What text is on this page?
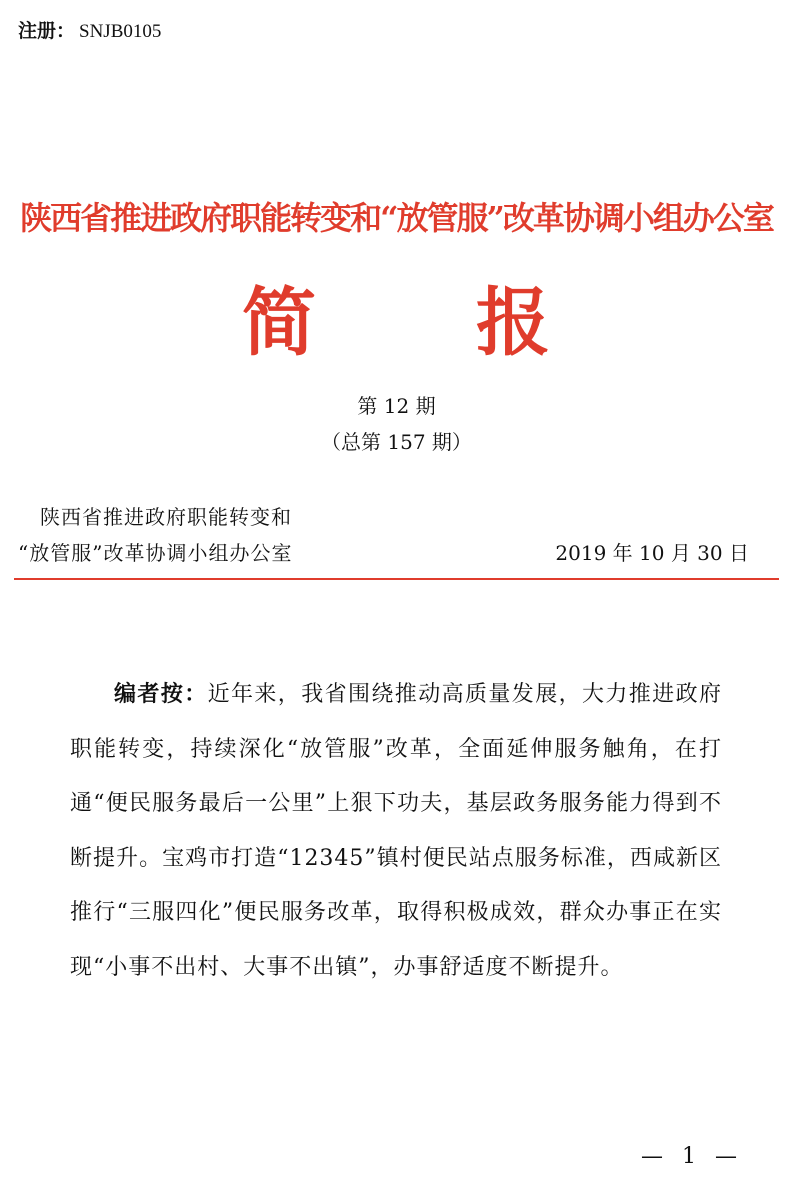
注册： SNJB0105
陕西省推进政府职能转变和“放管服”改革协调小组办公室
简 报
第 12 期
（总第 157 期）
陕西省推进政府职能转变和
“放管服”改革协调小组办公室	2019 年 10 月 30 日
编者按：近年来，我省围绕推动高质量发展，大力推进政府职能转变，持续深化“放管服”改革，全面延伸服务触角，在打通“便民服务最后一公里”上狠下功夫，基层政务服务能力得到不断提升。宝鸡市打造“12345”镇村便民站点服务标准，西咸新区推行“三服四化”便民服务改革，取得积极成效，群众办事正在实现“小事不出村、大事不出镇”，办事舒适度不断提升。
— 1 —
